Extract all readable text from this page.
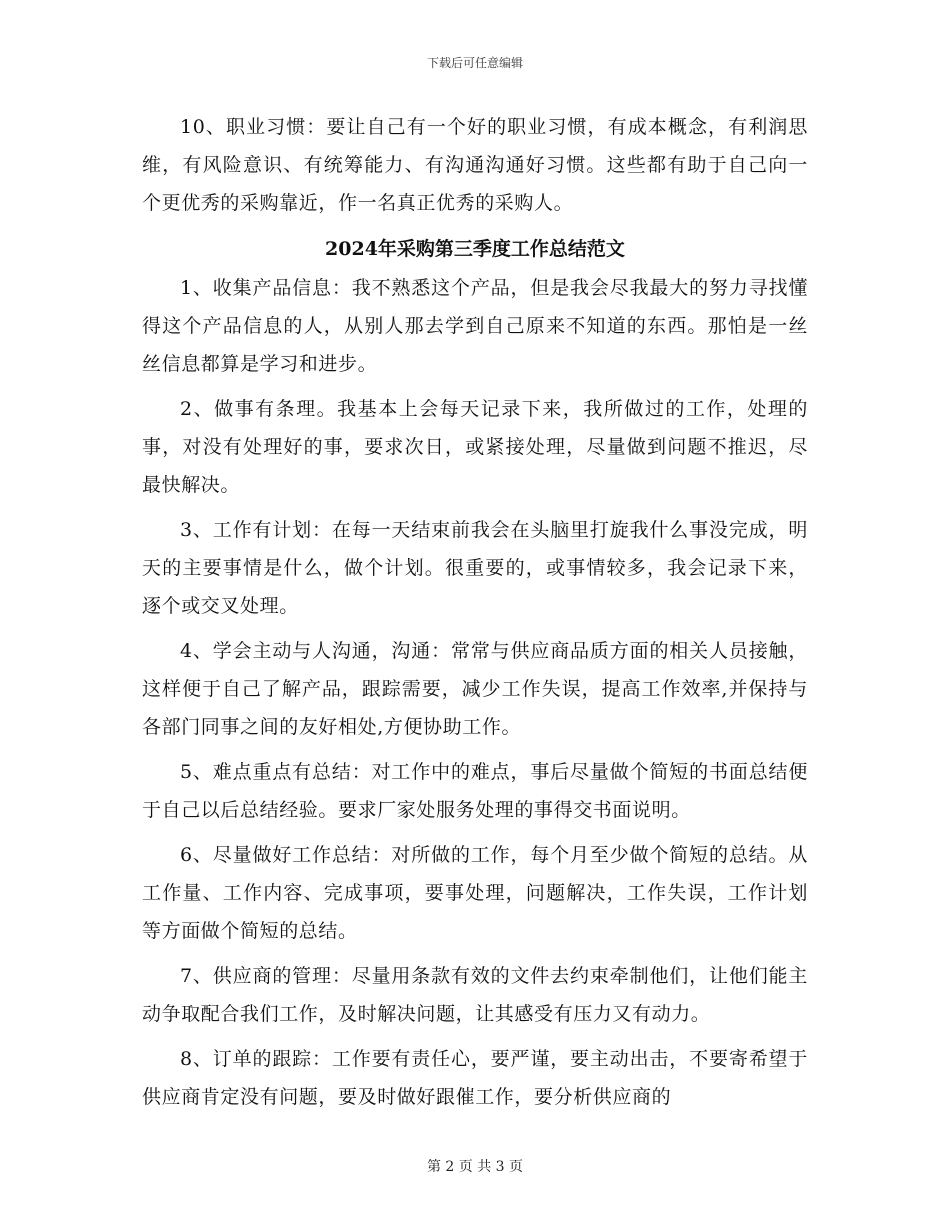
下载后可任意编辑

10、职业习惯：要让自己有一个好的职业习惯，有成本概念，有利润思维，有风险意识、有统筹能力、有沟通沟通好习惯。这些都有助于自己向一个更优秀的采购靠近，作一名真正优秀的采购人。

2024年采购第三季度工作总结范文

1、收集产品信息：我不熟悉这个产品，但是我会尽我最大的努力寻找懂得这个产品信息的人，从别人那去学到自己原来不知道的东西。那怕是一丝丝信息都算是学习和进步。

2、做事有条理。我基本上会每天记录下来，我所做过的工作，处理的事，对没有处理好的事，要求次日，或紧接处理，尽量做到问题不推迟，尽最快解决。

3、工作有计划：在每一天结束前我会在头脑里打旋我什么事没完成，明天的主要事情是什么，做个计划。很重要的，或事情较多，我会记录下来，逐个或交叉处理。

4、学会主动与人沟通，沟通：常常与供应商品质方面的相关人员接触，这样便于自己了解产品，跟踪需要，减少工作失误，提高工作效率,并保持与各部门同事之间的友好相处,方便协助工作。

5、难点重点有总结：对工作中的难点，事后尽量做个简短的书面总结便于自己以后总结经验。要求厂家处服务处理的事得交书面说明。

6、尽量做好工作总结：对所做的工作，每个月至少做个简短的总结。从工作量、工作内容、完成事项，要事处理，问题解决，工作失误，工作计划等方面做个简短的总结。

7、供应商的管理：尽量用条款有效的文件去约束牵制他们，让他们能主动争取配合我们工作，及时解决问题，让其感受有压力又有动力。

8、订单的跟踪：工作要有责任心，要严谨，要主动出击，不要寄希望于供应商肯定没有问题，要及时做好跟催工作，要分析供应商的

第 2 页 共 3 页
